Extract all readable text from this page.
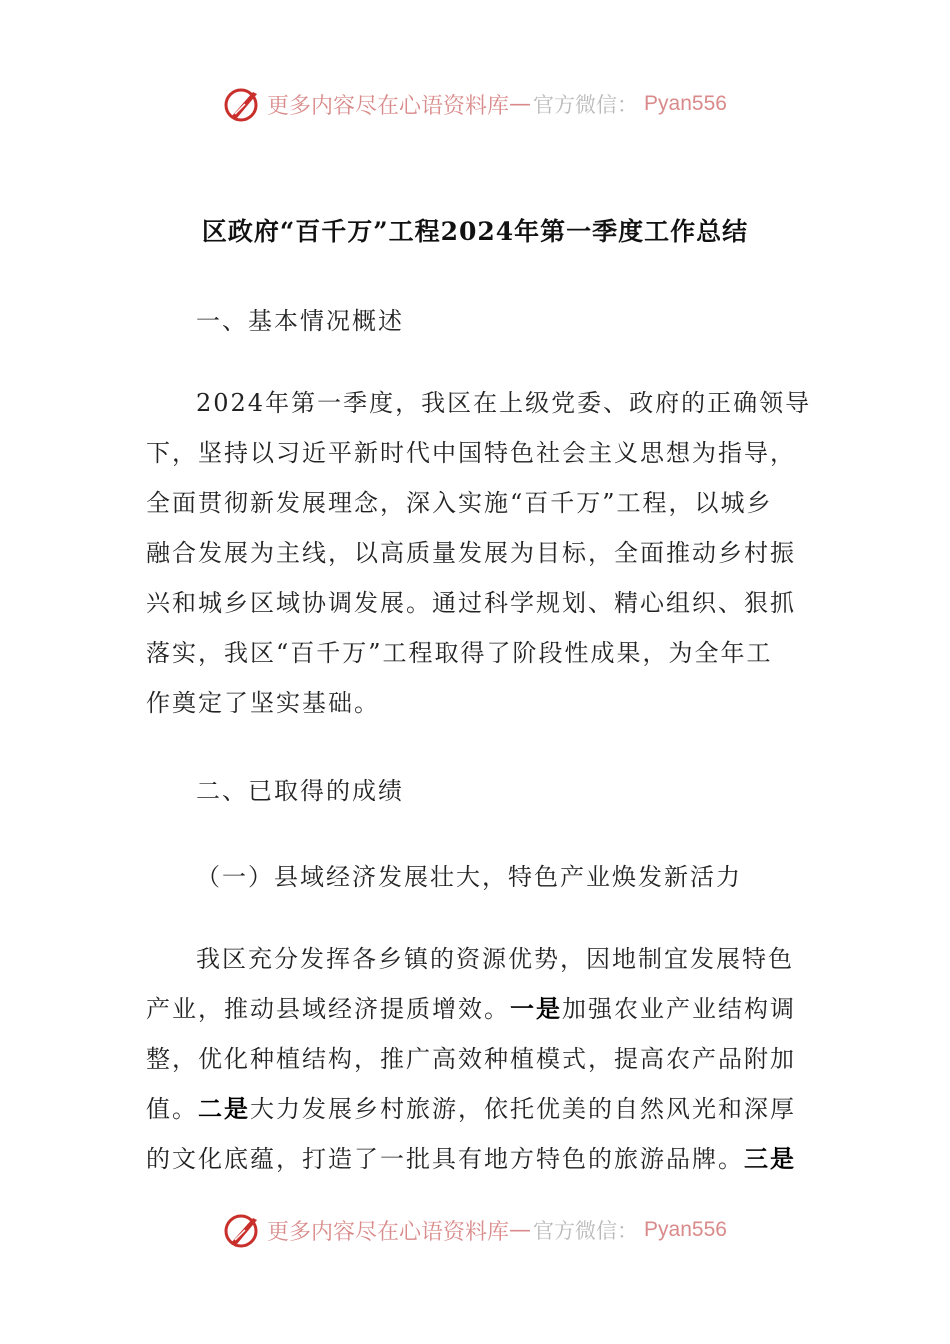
更多内容尽在心语资料库 — 官方微信： Pyan556
区政府“百千万”工程2024年第一季度工作总结
一、基本情况概述
2024年第一季度，我区在上级党委、政府的正确领导
下，坚持以习近平新时代中国特色社会主义思想为指导，
全面贯彻新发展理念，深入实施“百千万”工程，以城乡
融合发展为主线，以高质量发展为目标，全面推动乡村振
兴和城乡区域协调发展。通过科学规划、精心组织、狠抓
落实，我区“百千万”工程取得了阶段性成果，为全年工
作奠定了坚实基础。
二、已取得的成绩
（一）县域经济发展壮大，特色产业焕发新活力
我区充分发挥各乡镇的资源优势，因地制宜发展特色
产业，推动县域经济提质增效。一是加强农业产业结构调
整，优化种植结构，推广高效种植模式，提高农产品附加
值。二是大力发展乡村旅游，依托优美的自然风光和深厚
的文化底蕴，打造了一批具有地方特色的旅游品牌。三是
更多内容尽在心语资料库 — 官方微信： Pyan556
